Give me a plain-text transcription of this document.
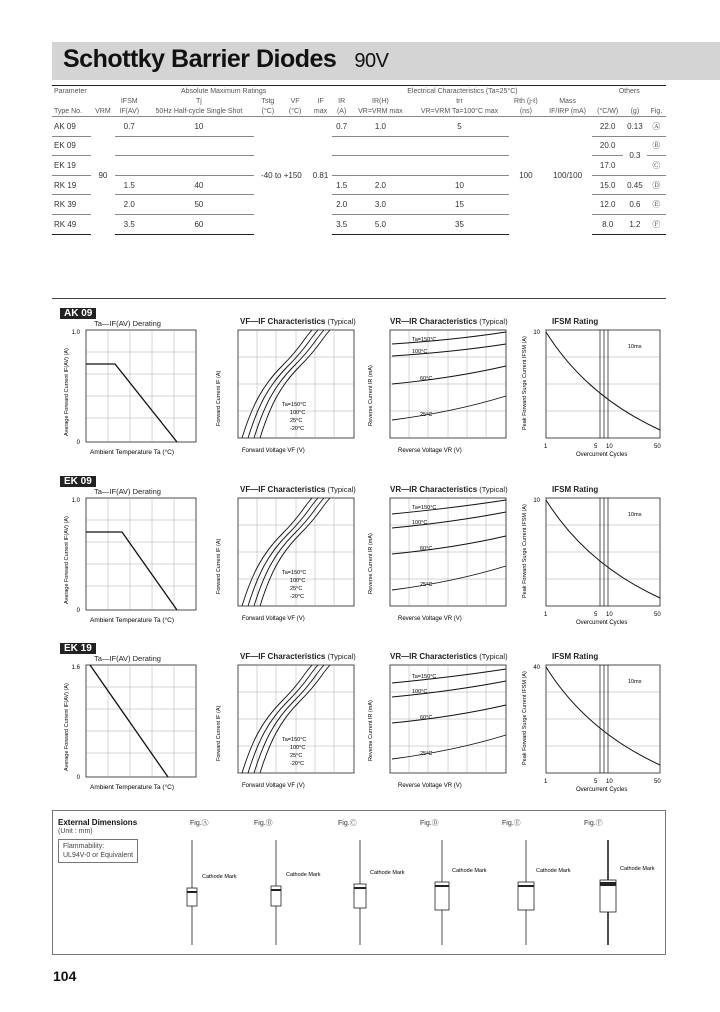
Schottky Barrier Diodes 90V
Parameter		Absolute Maximum Ratings					Electrical Characteristics (Ta=25°C)					Others		
		IFSM	Tj	Tstg	VF	IF	IR	IR(H)	trr	Rth (j-ℓ)	Mass			
Type No.	VRM	IF(AV)	50Hz Half-cycle Single Shot	(°C)	(°C)	max	(A)	VR=VRM max	VR=VRM Ta=100°C max	(ns)	IF/IRP (mA)	(°C/W)	(g)	Fig.
AK 09	90	0.7	10	-40 to +150		0.81	0.7	1.0	5	100	100/100	22.0	0.13	Ⓐ
EK 09												20.0	0.3	Ⓑ
EK 19												17.0		Ⓒ
RK 19		1.5	40				1.5	2.0	10			15.0	0.45	Ⓓ
RK 39		2.0	50				2.0	3.0	15			12.0	0.6	Ⓔ
RK 49		3.5	60				3.5	5.0	35			8.0	1.2	Ⓕ
AK 09
Ta—IF(AV) Derating
1.0
0
Ambient Temperature Ta (°C)
Average Forward Current IF(AV) (A)
VF—IF Characteristics (Typical)
Ta=150°C
100°C
25°C
-20°C
Forward Voltage VF (V)
Forward Current IF (A)
VR—IR Characteristics (Typical)
Ta=150°C
100°C
60°C
25°C
Reverse Voltage VR (V)
Reverse Current IR (mA)
IFSM Rating
10
1	5 10	50
Overcurrent Cycles
Peak Forward Surge Current IFSM (A)	10ms
EK 09
Ta—IF(AV) Derating
1.0
0
Ambient Temperature Ta (°C)
Average Forward Current IF(AV) (A)
VF—IF Characteristics (Typical)
Ta=150°C
100°C
25°C
-20°C
Forward Voltage VF (V)
Forward Current IF (A)
VR—IR Characteristics (Typical)
Ta=150°C
100°C
60°C
25°C
Reverse Voltage VR (V)
Reverse Current IR (mA)
IFSM Rating
10
1	5 10	50
Overcurrent Cycles
Peak Forward Surge Current IFSM (A)	10ms
EK 19
Ta—IF(AV) Derating
1.6
0
Ambient Temperature Ta (°C)
Average Forward Current IF(AV) (A)
VF—IF Characteristics (Typical)
Ta=150°C
100°C
25°C
-20°C
Forward Voltage VF (V)
Forward Current IF (A)
VR—IR Characteristics (Typical)
Ta=150°C
100°C
60°C
25°C
Reverse Voltage VR (V)
Reverse Current IR (mA)
IFSM Rating
40
1	5 10	50
Overcurrent Cycles
Peak Forward Surge Current IFSM (A)	10ms
External Dimensions
(Unit : mm)
Flammability:
UL94V-0 or Equivalent
Fig.Ⓐ	Fig.Ⓑ	Fig.Ⓒ	Fig.Ⓓ	Fig.Ⓔ	Fig.Ⓕ
Cathode Mark	Cathode Mark	Cathode Mark	Cathode Mark	Cathode Mark	Cathode Mark
104
